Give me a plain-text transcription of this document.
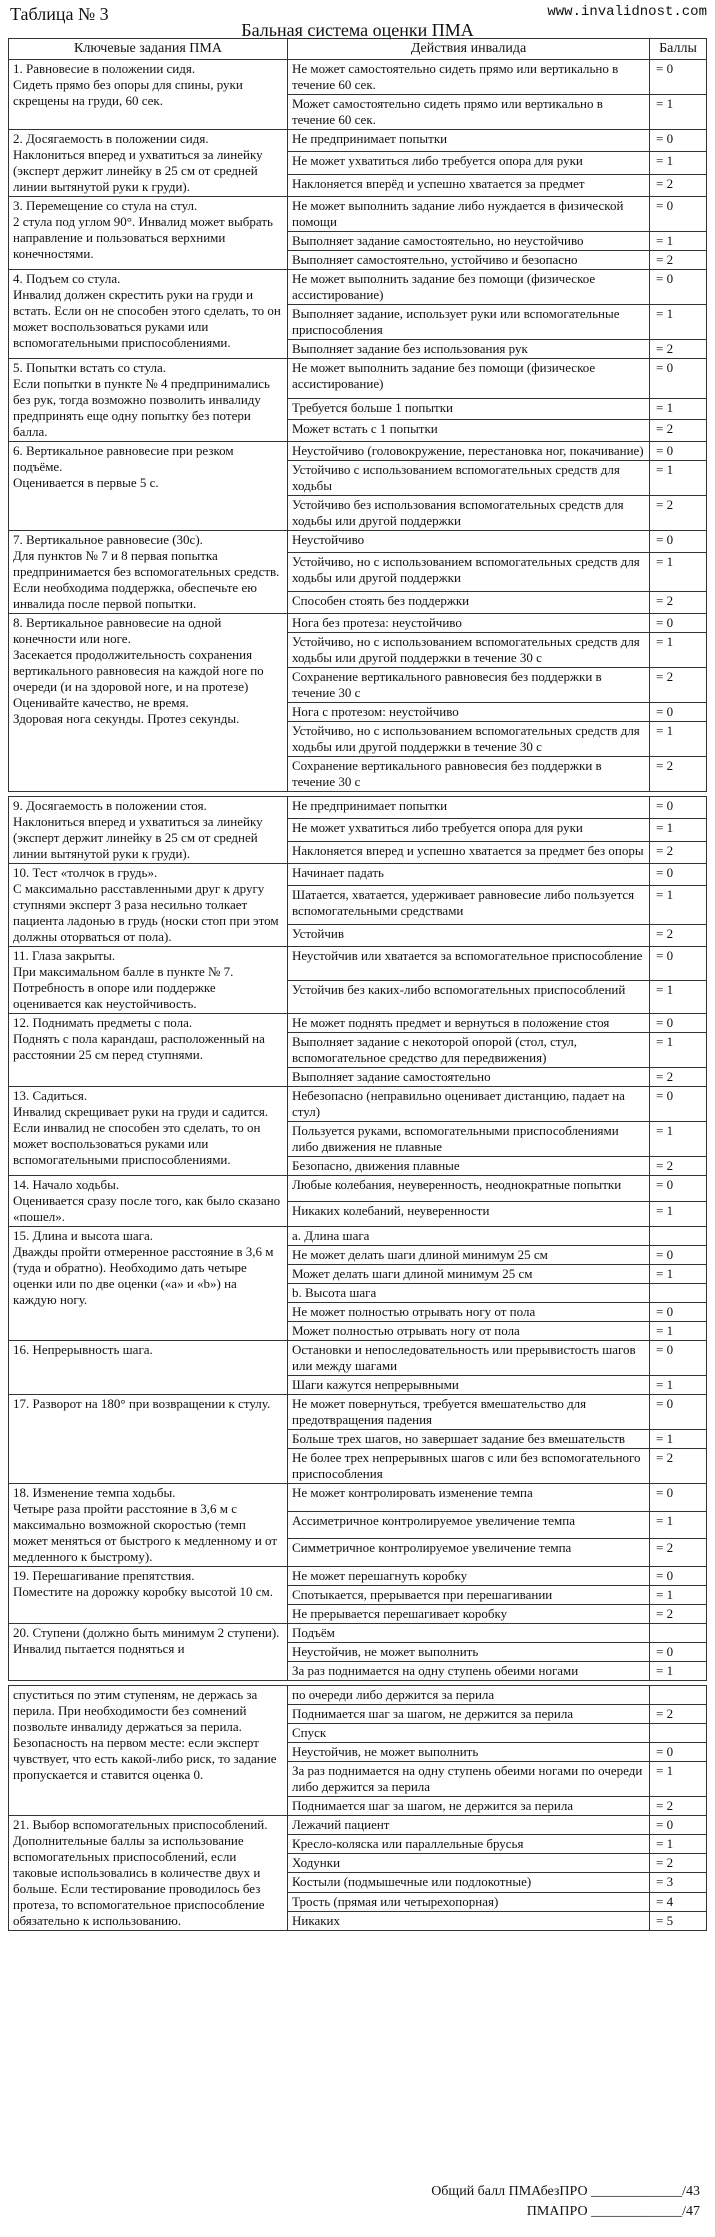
Таблица № 3	www.invalidnost.com
Бальная система оценки ПМА
Ключевые задания ПМА	Действия инвалида	Баллы

1. Равновесие в положении сидя.
Сидеть прямо без опоры для спины, руки скрещены на груди, 60 сек.	Не может самостоятельно сидеть прямо или вертикально в течение 60 сек.	= 0
	Может самостоятельно сидеть прямо или вертикально в течение 60 сек.	= 1

2. Досягаемость в положении сидя.
Наклониться вперед и ухватиться за линейку (эксперт держит линейку в 25 см от средней линии вытянутой руки к груди).	Не предпринимает попытки	= 0
	Не может ухватиться либо требуется опора для руки	= 1
	Наклоняется вперёд и успешно хватается за предмет	= 2

3. Перемещение со стула на стул.
2 стула под углом 90°. Инвалид может выбрать направление и пользоваться верхними конечностями.	Не может выполнить задание либо нуждается в физической помощи	= 0
	Выполняет задание самостоятельно, но неустойчиво	= 1
	Выполняет самостоятельно, устойчиво и безопасно	= 2

4. Подъем со стула.
Инвалид должен скрестить руки на груди и встать. Если он не способен этого сделать, то он может воспользоваться руками или вспомогательными приспособлениями.	Не может выполнить задание без помощи (физическое ассистирование)	= 0
	Выполняет задание, использует руки или вспомогательные приспособления	= 1
	Выполняет задание без использования рук	= 2

5. Попытки встать со стула.
Если попытки в пункте № 4 предпринимались без рук, тогда возможно позволить инвалиду предпринять еще одну попытку без потери балла.	Не может выполнить задание без помощи (физическое ассистирование)	= 0
	Требуется больше 1 попытки	= 1
	Может встать с 1 попытки	= 2

6. Вертикальное равновесие при резком подъёме.
Оценивается в первые 5 с.	Неустойчиво (головокружение, перестановка ног, покачивание)	= 0
	Устойчиво с использованием вспомогательных средств для ходьбы	= 1
	Устойчиво без использования вспомогательных средств для ходьбы или другой поддержки	= 2

7. Вертикальное равновесие (30с).
Для пунктов № 7 и 8 первая попытка предпринимается без вспомогательных средств. Если необходима поддержка, обеспечьте ею инвалида после первой попытки.	Неустойчиво	= 0
	Устойчиво, но с использованием вспомогательных средств для ходьбы или другой поддержки	= 1
	Способен стоять без поддержки	= 2

8. Вертикальное равновесие на одной конечности или ноге.
Засекается продолжительность сохранения вертикального равновесия на каждой ноге по очереди (и на здоровой ноге, и на протезе)
Оценивайте качество, не время.
Здоровая нога секунды. Протез секунды.	Нога без протеза: неустойчиво	= 0
	Устойчиво, но с использованием вспомогательных средств для ходьбы или другой поддержки в течение 30 с	= 1
	Сохранение вертикального равновесия без поддержки в течение 30 с	= 2
	Нога с протезом: неустойчиво	= 0
	Устойчиво, но с использованием вспомогательных средств для ходьбы или другой поддержки в течение 30 с	= 1
	Сохранение вертикального равновесия без поддержки в течение 30 с	= 2

9. Досягаемость в положении стоя.
Наклониться вперед и ухватиться за линейку (эксперт держит линейку в 25 см от средней линии вытянутой руки к груди).	Не предпринимает попытки	= 0
	Не может ухватиться либо требуется опора для руки	= 1
	Наклоняется вперед и успешно хватается за предмет без опоры	= 2

10. Тест «толчок в грудь».
С максимально расставленными друг к другу ступнями эксперт 3 раза несильно толкает пациента ладонью в грудь (носки стоп при этом должны оторваться от пола).	Начинает падать	= 0
	Шатается, хватается, удерживает равновесие либо пользуется вспомогательными средствами	= 1
	Устойчив	= 2

11. Глаза закрыты.
При максимальном балле в пункте № 7. Потребность в опоре или поддержке оценивается как неустойчивость.	Неустойчив или хватается за вспомогательное приспособление	= 0
	Устойчив без каких-либо вспомогательных приспособлений	= 1

12. Поднимать предметы с пола.
Поднять с пола карандаш, расположенный на расстоянии 25 см перед ступнями.	Не может поднять предмет и вернуться в положение стоя	= 0
	Выполняет задание с некоторой опорой (стол, стул, вспомогательное средство для передвижения)	= 1
	Выполняет задание самостоятельно	= 2

13. Садиться.
Инвалид скрещивает руки на груди и садится. Если инвалид не способен это сделать, то он может воспользоваться руками или вспомогательными приспособлениями.	Небезопасно (неправильно оценивает дистанцию, падает на стул)	= 0
	Пользуется руками, вспомогательными приспособлениями либо движения не плавные	= 1
	Безопасно, движения плавные	= 2

14. Начало ходьбы.
Оценивается сразу после того, как было сказано «пошел».	Любые колебания, неуверенность, неоднократные попытки	= 0
	Никаких колебаний, неуверенности	= 1

15. Длина и высота шага.
Дважды пройти отмеренное расстояние в 3,6 м (туда и обратно). Необходимо дать четыре оценки или по две оценки («а» и «b») на каждую ногу.	a. Длина шага	
	Не может делать шаги длиной минимум 25 см	= 0
	Может делать шаги длиной минимум 25 см	= 1
	b. Высота шага	
	Не может полностью отрывать ногу от пола	= 0
	Может полностью отрывать ногу от пола	= 1

16. Непрерывность шага.	Остановки и непоследовательность или прерывистость шагов или между шагами	= 0
	Шаги кажутся непрерывными	= 1

17. Разворот на 180° при возвращении к стулу.	Не может повернуться, требуется вмешательство для предотвращения падения	= 0
	Больше трех шагов, но завершает задание без вмешательств	= 1
	Не более трех непрерывных шагов с или без вспомогательного приспособления	= 2

18. Изменение темпа ходьбы.
Четыре раза пройти расстояние в 3,6 м с максимально возможной скоростью (темп может меняться от быстрого к медленному и от медленного к быстрому).	Не может контролировать изменение темпа	= 0
	Ассиметричное контролируемое увеличение темпа	= 1
	Симметричное контролируемое увеличение темпа	= 2

19. Перешагивание препятствия.
Поместите на дорожку коробку высотой 10 см.	Не может перешагнуть коробку	= 0
	Спотыкается, прерывается при перешагивании	= 1
	Не прерывается перешагивает коробку	= 2

20. Ступени (должно быть минимум 2 ступени).
Инвалид пытается подняться и	Подъём	
	Неустойчив, не может выполнить	= 0
	За раз поднимается на одну ступень обеими ногами	= 1

спуститься по этим ступеням, не держась за перила. При необходимости без сомнений позвольте инвалиду держаться за перила. Безопасность на первом месте: если эксперт чувствует, что есть какой-либо риск, то задание пропускается и ставится оценка 0.	по очереди либо держится за перила	
	Поднимается шаг за шагом, не держится за перила	= 2
	Спуск	
	Неустойчив, не может выполнить	= 0
	За раз поднимается на одну ступень обеими ногами по очереди либо держится за перила	= 1
	Поднимается шаг за шагом, не держится за перила	= 2

21. Выбор вспомогательных приспособлений.
Дополнительные баллы за использование вспомогательных приспособлений, если таковые использовались в количестве двух и больше. Если тестирование проводилось без протеза, то вспомогательное приспособление обязательно к использованию.	Лежачий пациент	= 0
	Кресло-коляска или параллельные брусья	= 1
	Ходунки	= 2
	Костыли (подмышечные или подлокотные)	= 3
	Трость (прямая или четырехопорная)	= 4
	Никаких	= 5
Общий балл ПМАбезПРО _____________/43
ПМАПРО _____________/47
